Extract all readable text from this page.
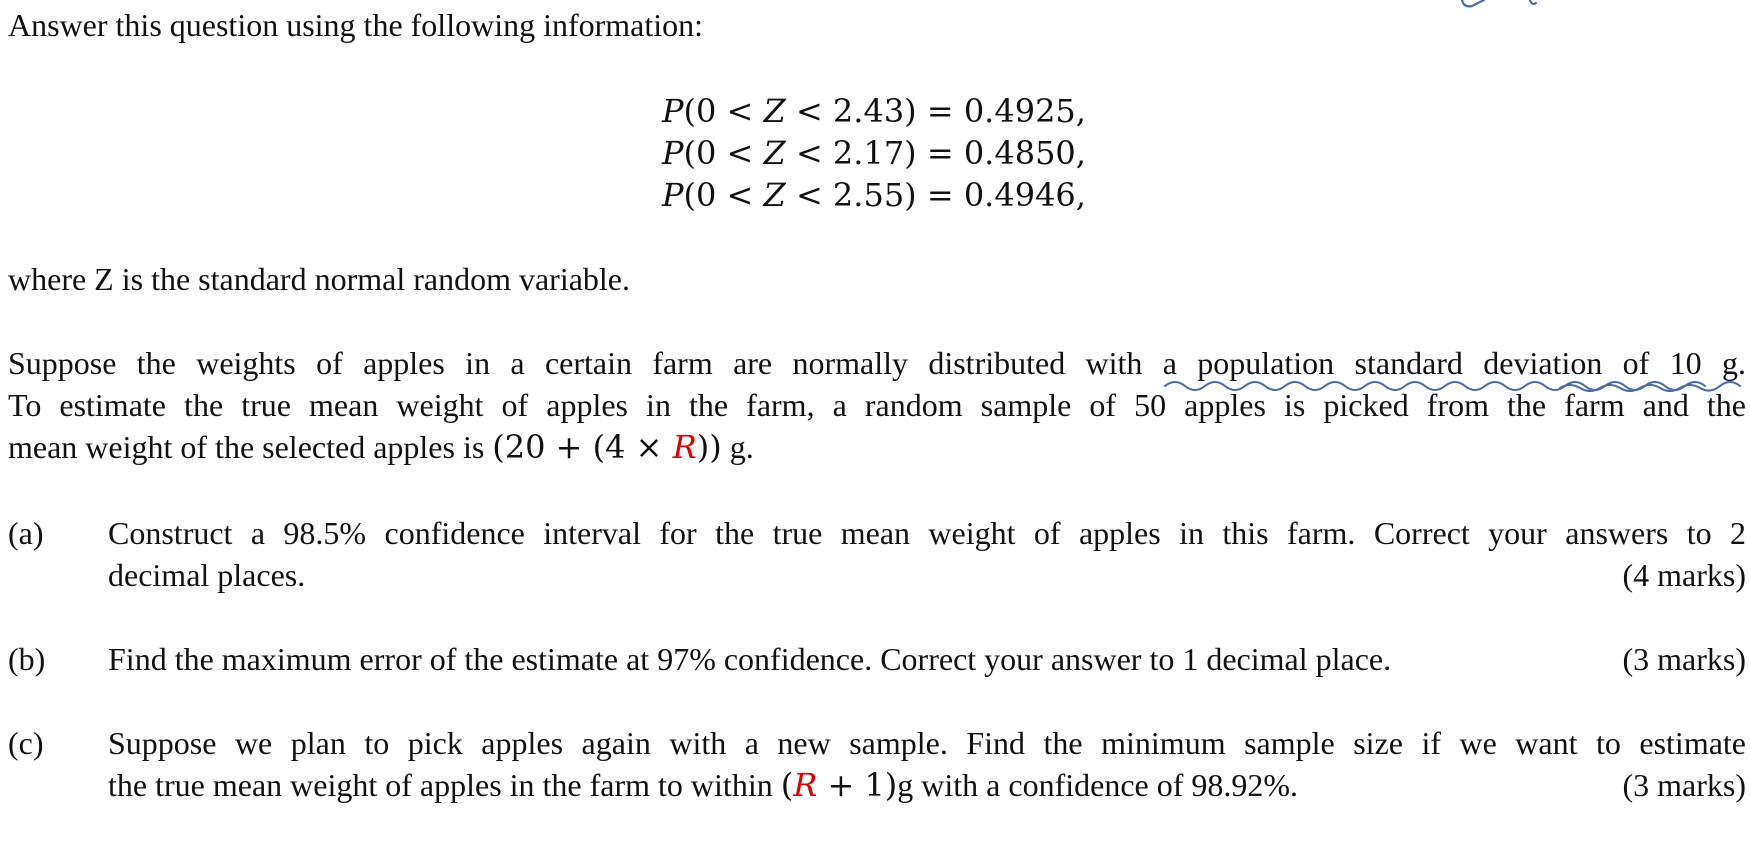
Answer this question using the following information:
P(0 < Z < 2.43) = 0.4925,
P(0 < Z < 2.17) = 0.4850,
P(0 < Z < 2.55) = 0.4946,
where Z is the standard normal random variable.
Suppose the weights of apples in a certain farm are normally distributed with a population standard deviation of 10 g.
To estimate the true mean weight of apples in the farm, a random sample of 50 apples is picked from the farm and the
mean weight of the selected apples is (20 + (4 × R)) g.
(a) Construct a 98.5% confidence interval for the true mean weight of apples in this farm. Correct your answers to 2
decimal places.	(4 marks)
(b) Find the maximum error of the estimate at 97% confidence. Correct your answer to 1 decimal place.	(3 marks)
(c) Suppose we plan to pick apples again with a new sample. Find the minimum sample size if we want to estimate
the true mean weight of apples in the farm to within (R + 1)g with a confidence of 98.92%.	(3 marks)
